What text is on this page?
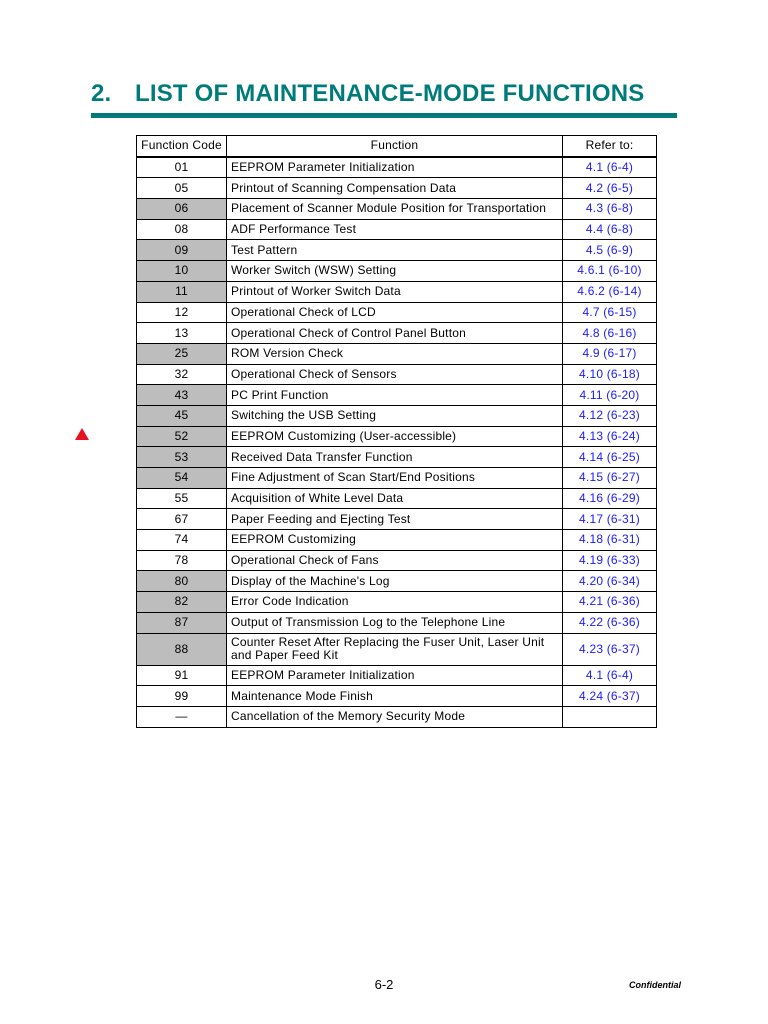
2. LIST OF MAINTENANCE-MODE FUNCTIONS
Function Code	Function	Refer to:
01	EEPROM Parameter Initialization	4.1 (6-4)
05	Printout of Scanning Compensation Data	4.2 (6-5)
06	Placement of Scanner Module Position for Transportation	4.3 (6-8)
08	ADF Performance Test	4.4 (6-8)
09	Test Pattern	4.5 (6-9)
10	Worker Switch (WSW) Setting	4.6.1 (6-10)
11	Printout of Worker Switch Data	4.6.2 (6-14)
12	Operational Check of LCD	4.7 (6-15)
13	Operational Check of Control Panel Button	4.8 (6-16)
25	ROM Version Check	4.9 (6-17)
32	Operational Check of Sensors	4.10 (6-18)
43	PC Print Function	4.11 (6-20)
45	Switching the USB Setting	4.12 (6-23)
52	EEPROM Customizing (User-accessible)	4.13 (6-24)
53	Received Data Transfer Function	4.14 (6-25)
54	Fine Adjustment of Scan Start/End Positions	4.15 (6-27)
55	Acquisition of White Level Data	4.16 (6-29)
67	Paper Feeding and Ejecting Test	4.17 (6-31)
74	EEPROM Customizing	4.18 (6-31)
78	Operational Check of Fans	4.19 (6-33)
80	Display of the Machine's Log	4.20 (6-34)
82	Error Code Indication	4.21 (6-36)
87	Output of Transmission Log to the Telephone Line	4.22 (6-36)
88	Counter Reset After Replacing the Fuser Unit, Laser Unit and Paper Feed Kit	4.23 (6-37)
91	EEPROM Parameter Initialization	4.1 (6-4)
99	Maintenance Mode Finish	4.24 (6-37)
—	Cancellation of the Memory Security Mode	
6-2	Confidential
